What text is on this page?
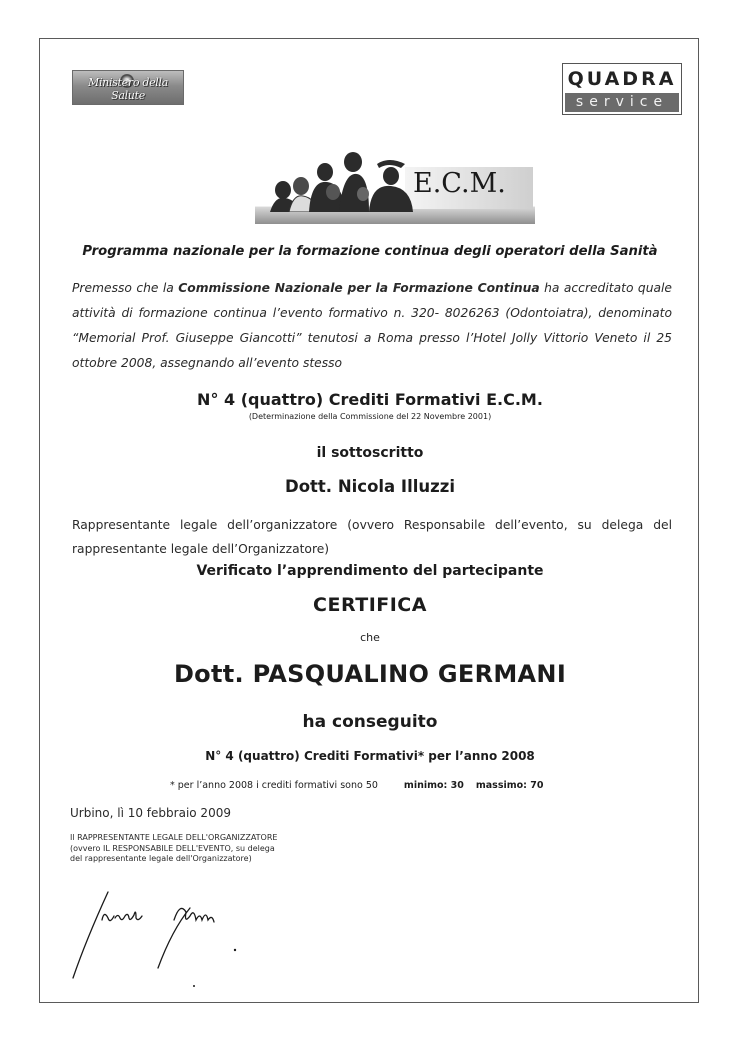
Ministero della Salute
QUADRA
service
E.C.M.
Programma nazionale per la formazione continua degli operatori della Sanità
Premesso che la Commissione Nazionale per la Formazione Continua ha accreditato quale attività di formazione continua l’evento formativo n. 320- 8026263 (Odontoiatra), denominato “Memorial Prof. Giuseppe Giancotti” tenutosi a Roma presso l’Hotel Jolly Vittorio Veneto il 25 ottobre 2008, assegnando all’evento stesso
N° 4 (quattro) Crediti Formativi E.C.M.
(Determinazione della Commissione del 22 Novembre 2001)
il sottoscritto
Dott. Nicola Illuzzi
Rappresentante legale dell’organizzatore (ovvero Responsabile dell’evento, su delega del rappresentante legale dell’Organizzatore)
Verificato l’apprendimento del partecipante
CERTIFICA
che
Dott. PASQUALINO GERMANI
ha conseguito
N° 4 (quattro) Crediti Formativi* per l’anno 2008
* per l’anno 2008 i crediti formativi sono 50	minimo: 30 massimo: 70
Urbino, lì 10 febbraio 2009
Il RAPPRESENTANTE LEGALE DELL'ORGANIZZATORE
(ovvero IL RESPONSABILE DELL'EVENTO, su delega
del rappresentante legale dell'Organizzatore)
